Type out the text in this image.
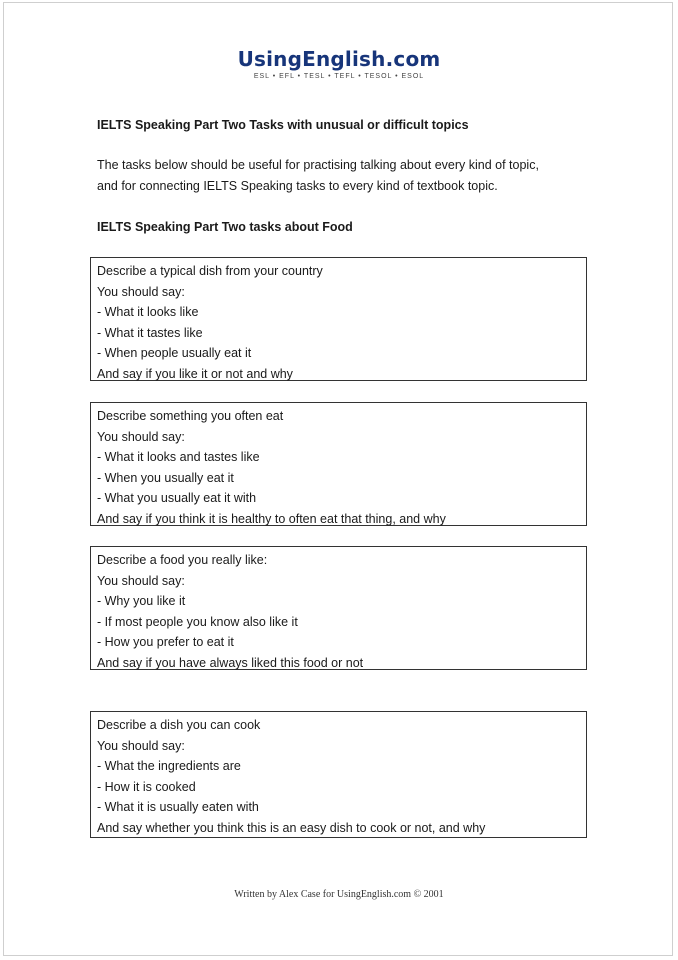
UsingEnglish.com
ESL • EFL • TESL • TEFL • TESOL • ESOL
IELTS Speaking Part Two Tasks with unusual or difficult topics

The tasks below should be useful for practising talking about every kind of topic,
and for connecting IELTS Speaking tasks to every kind of textbook topic.

IELTS Speaking Part Two tasks about Food
Describe a typical dish from your country
You should say:
- What it looks like
- What it tastes like
- When people usually eat it
And say if you like it or not and why
Describe something you often eat
You should say:
- What it looks and tastes like
- When you usually eat it
- What you usually eat it with
And say if you think it is healthy to often eat that thing, and why
Describe a food you really like:
You should say:
- Why you like it
- If most people you know also like it
- How you prefer to eat it
And say if you have always liked this food or not
Describe a dish you can cook
You should say:
- What the ingredients are
- How it is cooked
- What it is usually eaten with
And say whether you think this is an easy dish to cook or not, and why
Written by Alex Case for UsingEnglish.com © 2001
